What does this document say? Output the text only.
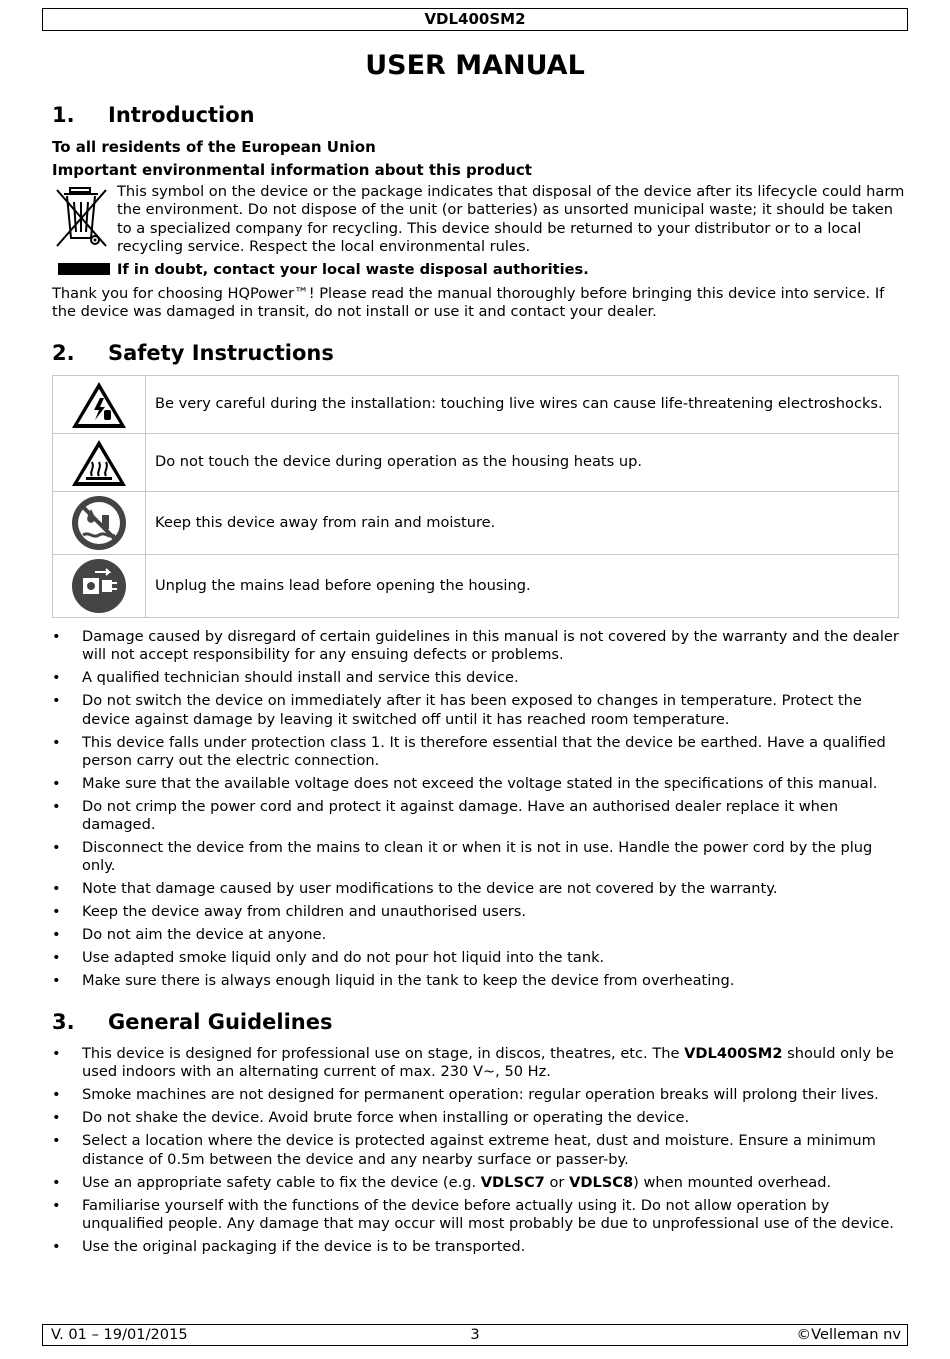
VDL400SM2
USER MANUAL
1. Introduction
To all residents of the European Union
Important environmental information about this product
This symbol on the device or the package indicates that disposal of the device after its lifecycle could harm the environment. Do not dispose of the unit (or batteries) as unsorted municipal waste; it should be taken to a specialized company for recycling. This device should be returned to your distributor or to a local recycling service. Respect the local environmental rules.
If in doubt, contact your local waste disposal authorities.
Thank you for choosing HQPower™! Please read the manual thoroughly before bringing this device into service. If the device was damaged in transit, do not install or use it and contact your dealer.
2. Safety Instructions
	Be very careful during the installation: touching live wires can cause life-threatening electroshocks.

	Do not touch the device during operation as the housing heats up.

	Keep this device away from rain and moisture.

	Unplug the mains lead before opening the housing.
• Damage caused by disregard of certain guidelines in this manual is not covered by the warranty and the dealer will not accept responsibility for any ensuing defects or problems.
• A qualified technician should install and service this device.
• Do not switch the device on immediately after it has been exposed to changes in temperature. Protect the device against damage by leaving it switched off until it has reached room temperature.
• This device falls under protection class 1. It is therefore essential that the device be earthed. Have a qualified person carry out the electric connection.
• Make sure that the available voltage does not exceed the voltage stated in the specifications of this manual.
• Do not crimp the power cord and protect it against damage. Have an authorised dealer replace it when damaged.
• Disconnect the device from the mains to clean it or when it is not in use. Handle the power cord by the plug only.
• Note that damage caused by user modifications to the device are not covered by the warranty.
• Keep the device away from children and unauthorised users.
• Do not aim the device at anyone.
• Use adapted smoke liquid only and do not pour hot liquid into the tank.
• Make sure there is always enough liquid in the tank to keep the device from overheating.
3. General Guidelines
• This device is designed for professional use on stage, in discos, theatres, etc. The VDL400SM2 should only be used indoors with an alternating current of max. 230 V~, 50 Hz.
• Smoke machines are not designed for permanent operation: regular operation breaks will prolong their lives.
• Do not shake the device. Avoid brute force when installing or operating the device.
• Select a location where the device is protected against extreme heat, dust and moisture. Ensure a minimum distance of 0.5m between the device and any nearby surface or passer-by.
• Use an appropriate safety cable to fix the device (e.g. VDLSC7 or VDLSC8) when mounted overhead.
• Familiarise yourself with the functions of the device before actually using it. Do not allow operation by unqualified people. Any damage that may occur will most probably be due to unprofessional use of the device.
• Use the original packaging if the device is to be transported.
V. 01 – 19/01/2015	3	©Velleman nv
